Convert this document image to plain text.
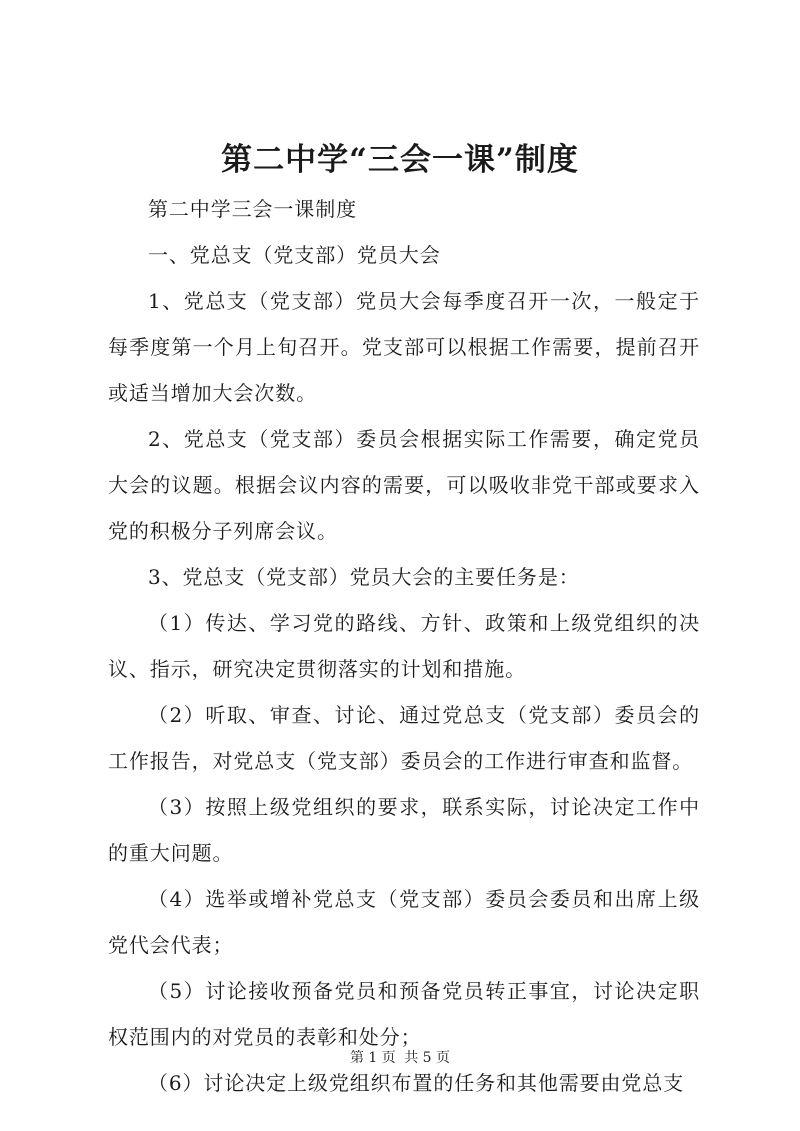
第二中学“三会一课”制度

第二中学三会一课制度

一、党总支（党支部）党员大会

1、党总支（党支部）党员大会每季度召开一次，一般定于每季度第一个月上旬召开。党支部可以根据工作需要，提前召开或适当增加大会次数。

2、党总支（党支部）委员会根据实际工作需要，确定党员大会的议题。根据会议内容的需要，可以吸收非党干部或要求入党的积极分子列席会议。

3、党总支（党支部）党员大会的主要任务是：

（1）传达、学习党的路线、方针、政策和上级党组织的决议、指示，研究决定贯彻落实的计划和措施。

（2）听取、审查、讨论、通过党总支（党支部）委员会的工作报告，对党总支（党支部）委员会的工作进行审查和监督。

（3）按照上级党组织的要求，联系实际，讨论决定工作中的重大问题。

（4）选举或增补党总支（党支部）委员会委员和出席上级党代会代表；

（5）讨论接收预备党员和预备党员转正事宜，讨论决定职权范围内的对党员的表彰和处分；

（6）讨论决定上级党组织布置的任务和其他需要由党总支

第 1 页 共 5 页
